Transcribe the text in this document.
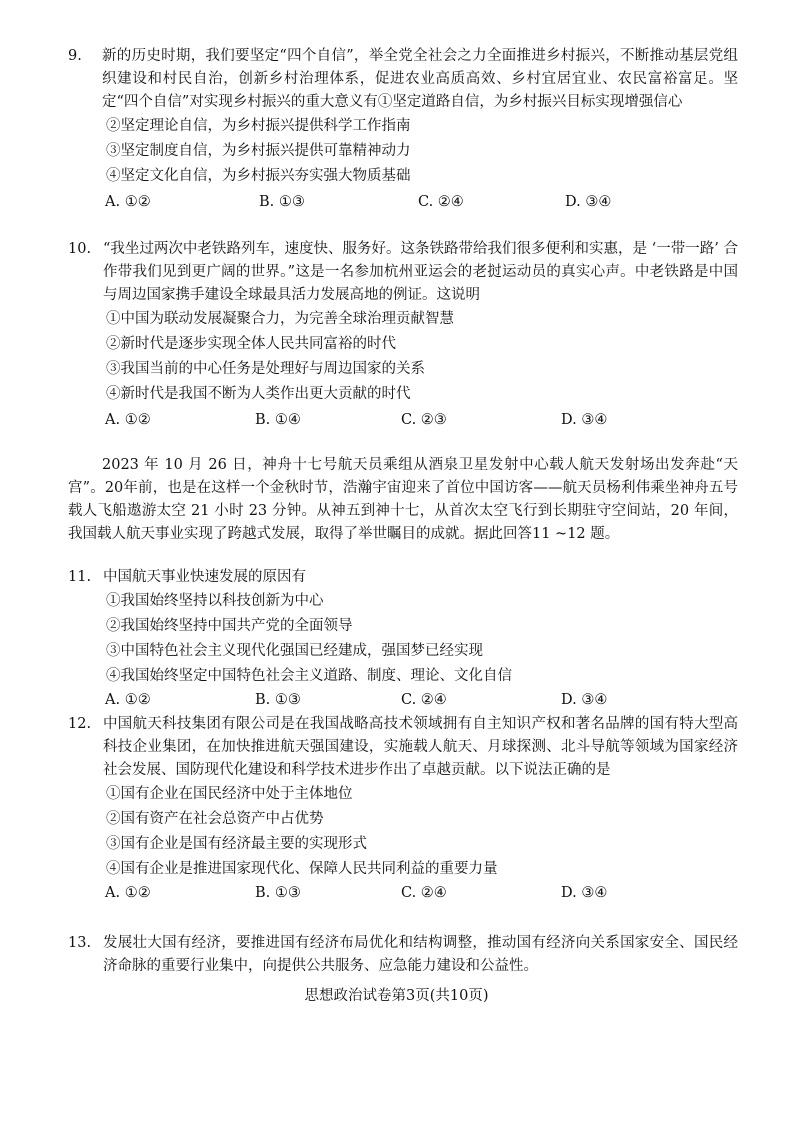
9.	新的历史时期，我们要坚定“四个自信”，举全党全社会之力全面推进乡村振兴，不断推动基层党组织建设和村民自治，创新乡村治理体系，促进农业高质高效、乡村宜居宜业、农民富裕富足。坚定“四个自信”对实现乡村振兴的重大意义有①坚定道路自信，为乡村振兴目标实现增强信心
②坚定理论自信，为乡村振兴提供科学工作指南
③坚定制度自信，为乡村振兴提供可靠精神动力
④坚定文化自信，为乡村振兴夯实强大物质基础
A. ①②	B. ①③	C. ②④	D. ③④
10. “我坐过两次中老铁路列车，速度快、服务好。这条铁路带给我们很多便利和实惠，是 ‘一带一路’ 合作带我们见到更广阔的世界。”这是一名参加杭州亚运会的老挝运动员的真实心声。中老铁路是中国与周边国家携手建设全球最具活力发展高地的例证。这说明
①中国为联动发展凝聚合力，为完善全球治理贡献智慧
②新时代是逐步实现全体人民共同富裕的时代
③我国当前的中心任务是处理好与周边国家的关系
④新时代是我国不断为人类作出更大贡献的时代
A. ①②	B. ①④	C. ②③	D. ③④
2023 年 10 月 26 日，神舟十七号航天员乘组从酒泉卫星发射中心载人航天发射场出发奔赴“天宫”。20年前，也是在这样一个金秋时节，浩瀚宇宙迎来了首位中国访客——航天员杨利伟乘坐神舟五号载人飞船遨游太空 21 小时 23 分钟。从神五到神十七，从首次太空飞行到长期驻守空间站，20 年间，我国载人航天事业实现了跨越式发展，取得了举世瞩目的成就。据此回答11 ~12 题。
11. 中国航天事业快速发展的原因有
①我国始终坚持以科技创新为中心
②我国始终坚持中国共产党的全面领导
③中国特色社会主义现代化强国已经建成，强国梦已经实现
④我国始终坚定中国特色社会主义道路、制度、理论、文化自信
A. ①②	B. ①③	C. ②④	D. ③④
12. 中国航天科技集团有限公司是在我国战略高技术领域拥有自主知识产权和著名品牌的国有特大型高科技企业集团，在加快推进航天强国建设，实施载人航天、月球探测、北斗导航等领域为国家经济社会发展、国防现代化建设和科学技术进步作出了卓越贡献。以下说法正确的是
①国有企业在国民经济中处于主体地位
②国有资产在社会总资产中占优势
③国有企业是国有经济最主要的实现形式
④国有企业是推进国家现代化、保障人民共同利益的重要力量
A. ①②	B. ①③	C. ②④	D. ③④
13. 发展壮大国有经济，要推进国有经济布局优化和结构调整，推动国有经济向关系国家安全、国民经济命脉的重要行业集中，向提供公共服务、应急能力建设和公益性。
思想政治试卷第3页(共10页)
